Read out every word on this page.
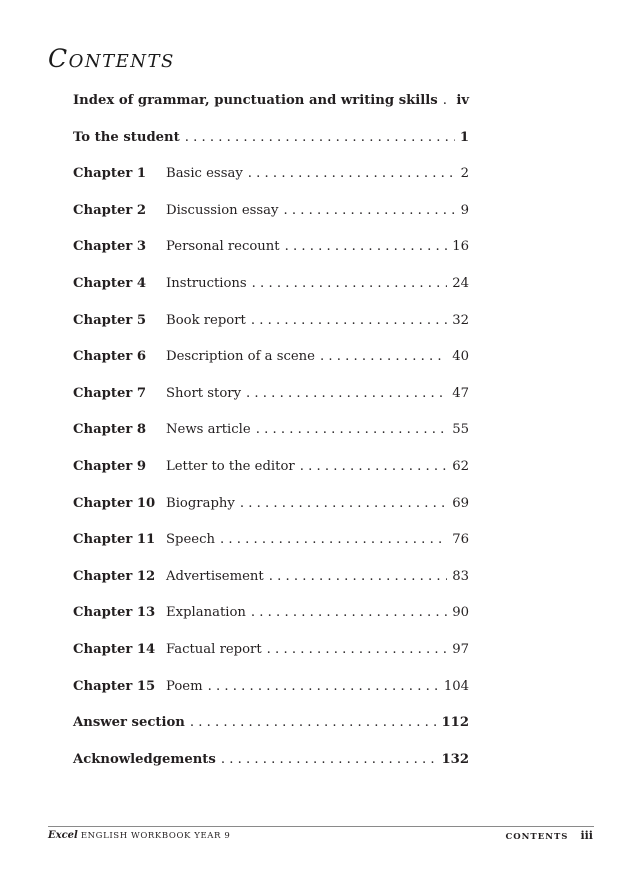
Contents
Index of grammar, punctuation and writing skills . . . iv
To the student . . .	1
Chapter 1	Basic essay . . .	2
Chapter 2	Discussion essay . . .	9
Chapter 3	Personal recount . . .	16
Chapter 4	Instructions . . .	24
Chapter 5	Book report . . .	32
Chapter 6	Description of a scene . . .	40
Chapter 7	Short story . . .	47
Chapter 8	News article . . .	55
Chapter 9	Letter to the editor . . .	62
Chapter 10 Biography . . .	69
Chapter 11 Speech . . .	76
Chapter 12 Advertisement . . .	83
Chapter 13 Explanation . . .	90
Chapter 14 Factual report . . .	97
Chapter 15 Poem . . .	104
Answer section . . .	112
Acknowledgements . . .	132
Excel ENGLISH WORKBOOK YEAR 9	CONTENTS iii
